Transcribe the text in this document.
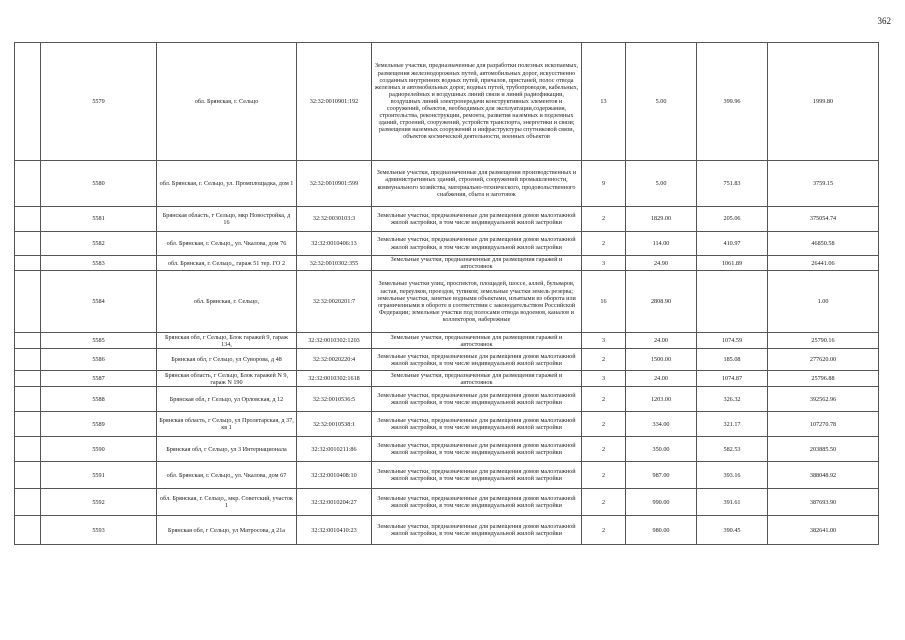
362
	5579	обл. Брянская, г. Сельцо	32:32:0010901:192	Земельные участки, предназначенные для разработки полезных ископаемых, размещения железнодорожных путей, автомобильных дорог, искусственно созданных внутренних водных путей, причалов, пристаней, полос отвода железных и автомобильных дорог, водных путей, трубопроводов, кабельных, радиорелейных и воздушных линий связи и линий радиофикации, воздушных линий электропередачи конструктивных элементов и сооружений, объектов, необходимых для эксплуатации,содержания, строительства, реконструкции, ремонта, развития наземных и подземных зданий, строений, сооружений, устройств транспорта, энергетики и связи; размещения наземных сооружений и инфраструктуры спутниковой связи, объектов космической деятельности, военных объектов	13	5.00	399.96	1999.80
	5580	обл. Брянская, г. Сельцо, ул. Промплощадка, дом 1	32:32:0010901:599	Земельные участки, предназначенные для размещения производственных и административных зданий, строений, сооружений промышленности, коммунального хозяйства, материально-технического, продовольственного снабжения, сбыта и заготовок	9	5.00	751.83	3759.15
	5581	Брянская область, г Сельцо, мкр Новостройка, д 16	32:32:0030103:3	Земельные участки, предназначенные для размещения домов малоэтажной жилой застройки, в том числе индивидуальной жилой застройки	2	1829.00	205.06	375054.74
	5582	обл. Брянская, г. Сельцо,, ул. Чкалова, дом 76	32:32:0010406:13	Земельные участки, предназначенные для размещения домов малоэтажной жилой застройки, в том числе индивидуальной жилой застройки	2	114.00	410.97	46850.58
	5583	обл. Брянская, г. Сельцо,, гараж 51 тер. ГО 2	32:32:0010302:355	Земельные участки, предназначенные для размещения гаражей и автостоянок	3	24.90	1061.89	26441.06
	5584	обл. Брянская, г. Сельцо,	32:32:0020201:7	Земельные участки улиц, проспектов, площадей, шоссе, аллей, бульваров, застав, переулков, проездов, тупиков; земельные участки земель резерва; земельные участки, занятые водными объектами, изъятыми из оборота или ограниченными в обороте в соответствии с законодательством Российской Федерации; земельные участки под полосами отвода водоемов, каналов и коллекторов, набережные	16	2808.90		1.00
	5585	Брянская обл, г Сельцо, Блок гаражей 9, гараж 134,	32:32:0010302:1203	Земельные участки, предназначенные для размещения гаражей и автостоянок	3	24.00	1074.59	25790.16
	5586	Брянская обл, г Сельцо, ул Суворова, д 48	32:32:0020220:4	Земельные участки, предназначенные для размещения домов малоэтажной жилой застройки, в том числе индивидуальной жилой застройки	2	1500.00	185.08	277620.00
	5587	Брянская область, г Сельцо, Блок гаражей N 9, гараж N 190	32:32:0010302:1618	Земельные участки, предназначенные для размещения гаражей и автостоянок	3	24.00	1074.87	25796.88
	5588	Брянская обл, г Сельцо, ул Орловская, д 12	32:32:0010536:5	Земельные участки, предназначенные для размещения домов малоэтажной жилой застройки, в том числе индивидуальной жилой застройки	2	1203.00	326.32	392562.96
	5589	Брянская область, г Сельцо, ул Пролетарская, д 37, кв 1	32:32:0010538:1	Земельные участки, предназначенные для размещения домов малоэтажной жилой застройки, в том числе индивидуальной жилой застройки	2	334.00	321.17	107270.78
	5590	Брянская обл, г Сельцо, ул 3 Интернационала	32:32:0010211:86	Земельные участки, предназначенные для размещения домов малоэтажной жилой застройки, в том числе индивидуальной жилой застройки	2	350.00	582.53	203885.50
	5591	обл. Брянская, г. Сельцо,, ул. Чкалова, дом 67	32:32:0010408:10	Земельные участки, предназначенные для размещения домов малоэтажной жилой застройки, в том числе индивидуальной жилой застройки	2	987.00	393.16	388048.92
	5592	обл. Брянская, г. Сельцо,, мкр. Советский, участок 1	32:32:0010204:27	Земельные участки, предназначенные для размещения домов малоэтажной жилой застройки, в том числе индивидуальной жилой застройки	2	990.00	391.61	387693.90
	5593	Брянская обл, г Сельцо, ул Матросова, д 21а	32:32:0010410:23	Земельные участки, предназначенные для размещения домов малоэтажной жилой застройки, в том числе индивидуальной жилой застройки	2	980.00	390.45	382641.00
